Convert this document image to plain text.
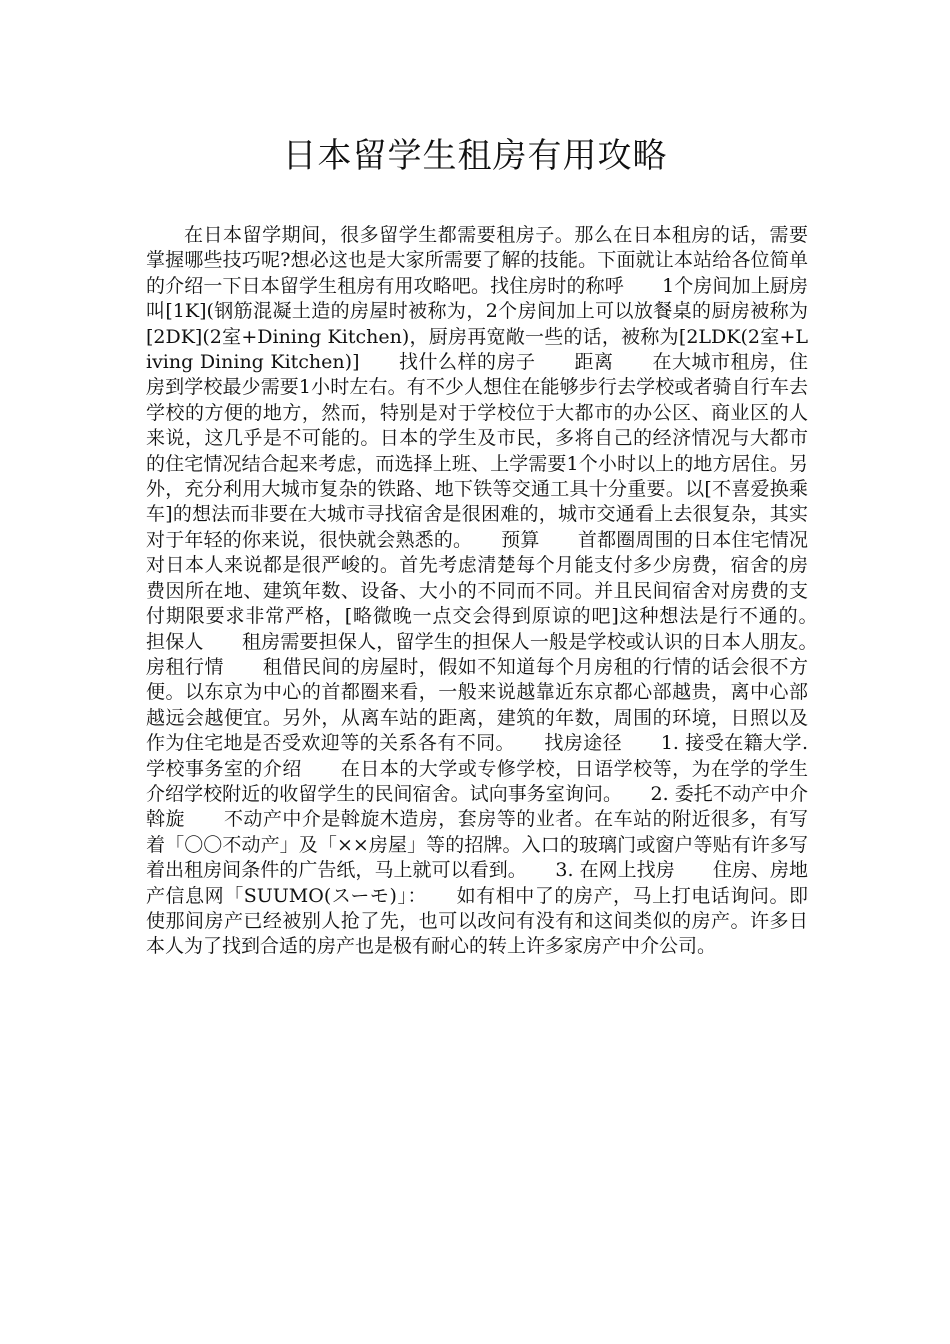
日本留学生租房有用攻略

在日本留学期间，很多留学生都需要租房子。那么在日本租房的话，需要掌握哪些技巧呢?想必这也是大家所需要了解的技能。下面就让本站给各位简单的介绍一下日本留学生租房有用攻略吧。找住房时的称呼　　1个房间加上厨房叫[1K](钢筋混凝土造的房屋时被称为，2个房间加上可以放餐桌的厨房被称为[2DK](2室+Dining Kitchen)，厨房再宽敞一些的话，被称为[2LDK(2室+Living Dining Kitchen)]　　找什么样的房子　　距离　　在大城市租房，住房到学校最少需要1小时左右。有不少人想住在能够步行去学校或者骑自行车去学校的方便的地方，然而，特别是对于学校位于大都市的办公区、商业区的人来说，这几乎是不可能的。日本的学生及市民，多将自己的经济情况与大都市的住宅情况结合起来考虑，而选择上班、上学需要1个小时以上的地方居住。另外，充分利用大城市复杂的铁路、地下铁等交通工具十分重要。以[不喜爱换乘车]的想法而非要在大城市寻找宿舍是很困难的，城市交通看上去很复杂，其实对于年轻的你来说，很快就会熟悉的。　　预算　　首都圈周围的日本住宅情况对日本人来说都是很严峻的。首先考虑清楚每个月能支付多少房费，宿舍的房费因所在地、建筑年数、设备、大小的不同而不同。并且民间宿舍对房费的支付期限要求非常严格，[略微晚一点交会得到原谅的吧]这种想法是行不通的。　　担保人　　租房需要担保人，留学生的担保人一般是学校或认识的日本人朋友。　　房租行情　　租借民间的房屋时，假如不知道每个月房租的行情的话会很不方便。以东京为中心的首都圈来看，一般来说越靠近东京都心部越贵，离中心部越远会越便宜。另外，从离车站的距离，建筑的年数，周围的环境，日照以及作为住宅地是否受欢迎等的关系各有不同。　　找房途径　　1. 接受在籍大学.学校事务室的介绍　　在日本的大学或专修学校，日语学校等，为在学的学生介绍学校附近的收留学生的民间宿舍。试向事务室询问。　　2. 委托不动产中介斡旋　　不动产中介是斡旋木造房，套房等的业者。在车站的附近很多，有写着「〇〇不动产」及「××房屋」等的招牌。入口的玻璃门或窗户等贴有许多写着出租房间条件的广告纸，马上就可以看到。　　3. 在网上找房　　住房、房地产信息网「SUUMO(スーモ)」：　　如有相中了的房产，马上打电话询问。即使那间房产已经被别人抢了先，也可以改问有没有和这间类似的房产。许多日本人为了找到合适的房产也是极有耐心的转上许多家房产中介公司。
